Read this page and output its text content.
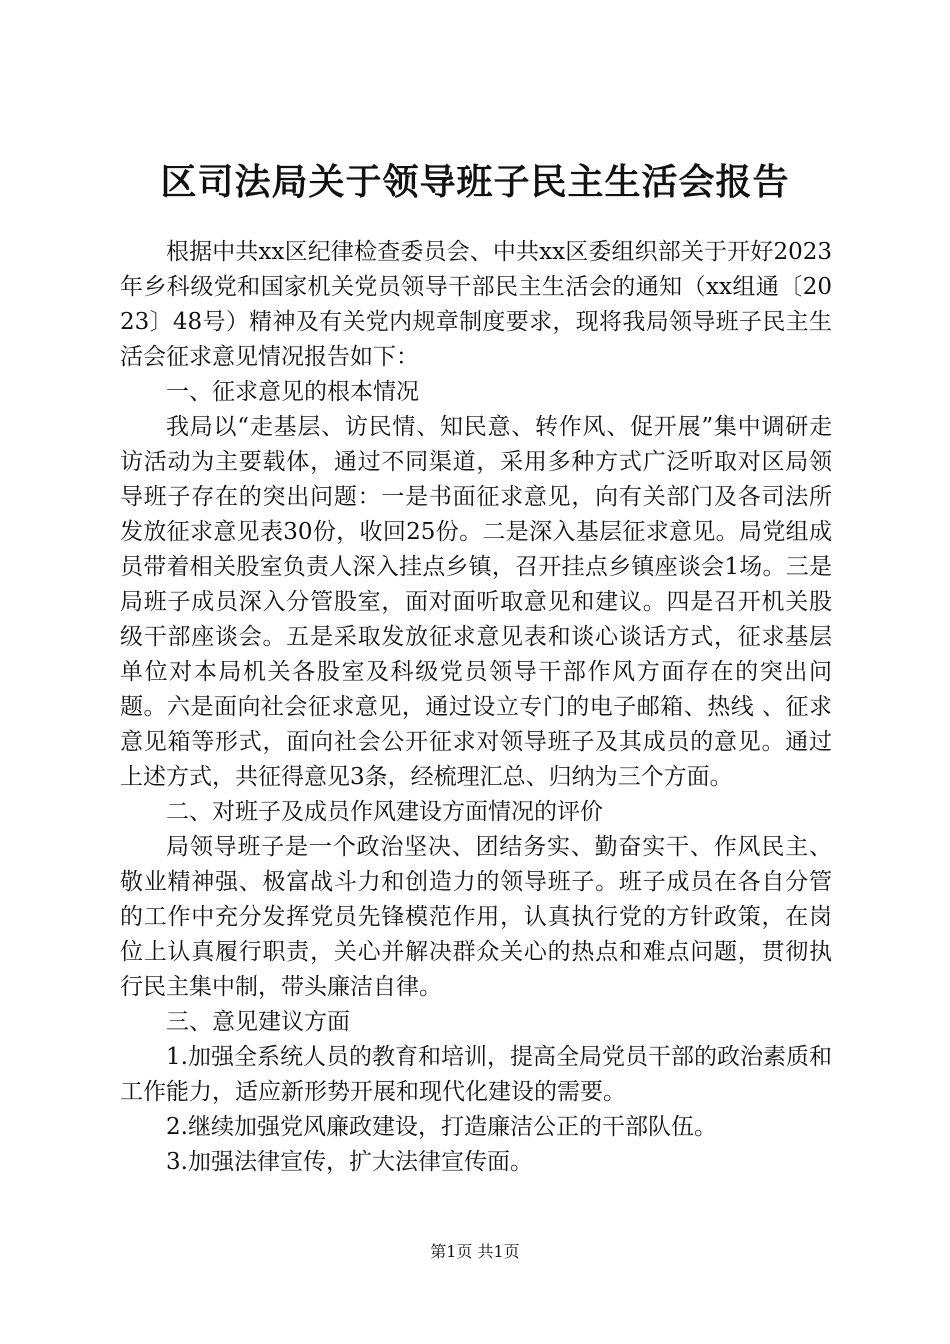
区司法局关于领导班子民主生活会报告

根据中共xx区纪律检查委员会、中共xx区委组织部关于开好2023年乡科级党和国家机关党员领导干部民主生活会的通知（xx组通〔2023〕48号）精神及有关党内规章制度要求，现将我局领导班子民主生活会征求意见情况报告如下：

一、征求意见的根本情况

我局以“走基层、访民情、知民意、转作风、促开展”集中调研走访活动为主要载体，通过不同渠道，采用多种方式广泛听取对区局领导班子存在的突出问题：一是书面征求意见，向有关部门及各司法所发放征求意见表30份，收回25份。二是深入基层征求意见。局党组成员带着相关股室负责人深入挂点乡镇，召开挂点乡镇座谈会1场。三是局班子成员深入分管股室，面对面听取意见和建议。四是召开机关股级干部座谈会。五是采取发放征求意见表和谈心谈话方式，征求基层单位对本局机关各股室及科级党员领导干部作风方面存在的突出问题。六是面向社会征求意见，通过设立专门的电子邮箱、热线 、征求意见箱等形式，面向社会公开征求对领导班子及其成员的意见。通过上述方式，共征得意见3条，经梳理汇总、归纳为三个方面。

二、对班子及成员作风建设方面情况的评价

局领导班子是一个政治坚决、团结务实、勤奋实干、作风民主、敬业精神强、极富战斗力和创造力的领导班子。班子成员在各自分管的工作中充分发挥党员先锋模范作用，认真执行党的方针政策，在岗位上认真履行职责，关心并解决群众关心的热点和难点问题，贯彻执行民主集中制，带头廉洁自律。

三、意见建议方面

1.加强全系统人员的教育和培训，提高全局党员干部的政治素质和工作能力，适应新形势开展和现代化建设的需要。

2.继续加强党风廉政建设，打造廉洁公正的干部队伍。

3.加强法律宣传，扩大法律宣传面。

第1页 共1页
